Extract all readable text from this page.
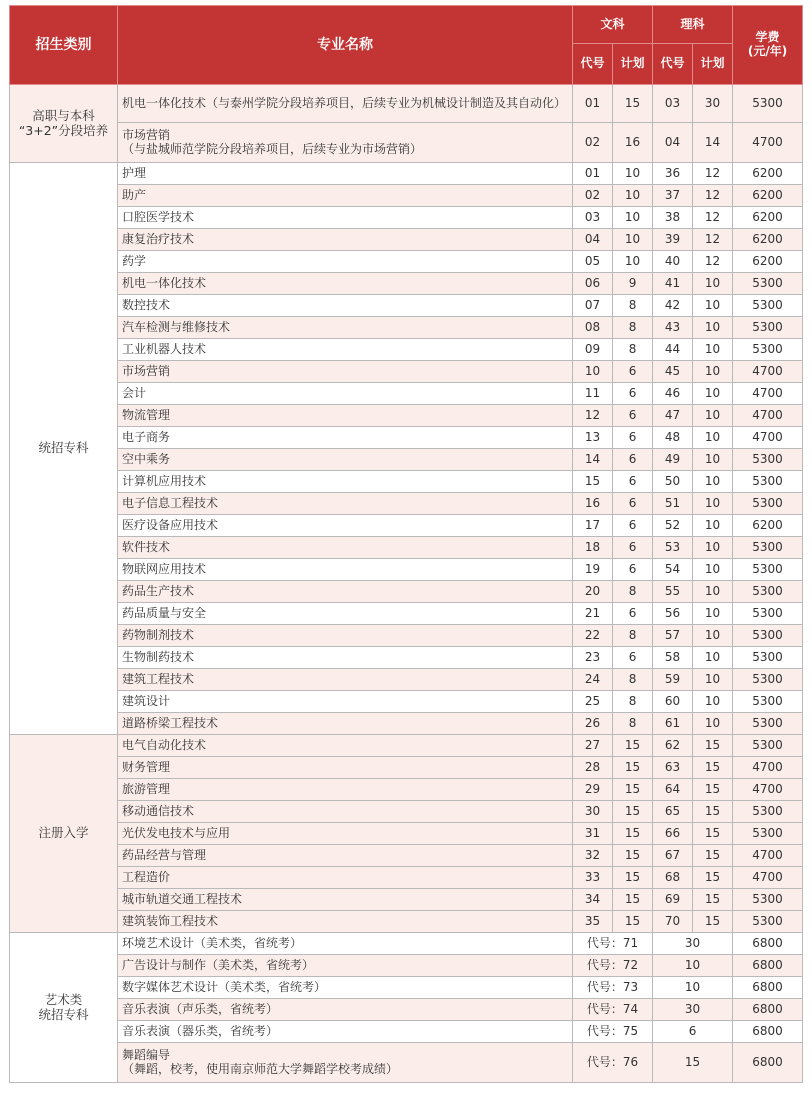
招生类别	专业名称	文科		理科		学费
(元/年)

		代号	计划	代号	计划	

高职与本科
“3+2”分段培养	机电一体化技术（与泰州学院分段培养项目，后续专业为机械设计制造及其自动化）	01	15	03	30	5300

	市场营销
（与盐城师范学院分段培养项目，后续专业为市场营销）	02	16	04	14	4700

统招专科	护理	01	10	36	12	6200

	助产	02	10	37	12	6200

	口腔医学技术	03	10	38	12	6200

	康复治疗技术	04	10	39	12	6200

	药学	05	10	40	12	6200

	机电一体化技术	06	9	41	10	5300

	数控技术	07	8	42	10	5300

	汽车检测与维修技术	08	8	43	10	5300

	工业机器人技术	09	8	44	10	5300

	市场营销	10	6	45	10	4700

	会计	11	6	46	10	4700

	物流管理	12	6	47	10	4700

	电子商务	13	6	48	10	4700

	空中乘务	14	6	49	10	5300

	计算机应用技术	15	6	50	10	5300

	电子信息工程技术	16	6	51	10	5300

	医疗设备应用技术	17	6	52	10	6200

	软件技术	18	6	53	10	5300

	物联网应用技术	19	6	54	10	5300

	药品生产技术	20	8	55	10	5300

	药品质量与安全	21	6	56	10	5300

	药物制剂技术	22	8	57	10	5300

	生物制药技术	23	6	58	10	5300

	建筑工程技术	24	8	59	10	5300

	建筑设计	25	8	60	10	5300

	道路桥梁工程技术	26	8	61	10	5300

注册入学	电气自动化技术	27	15	62	15	5300

	财务管理	28	15	63	15	4700

	旅游管理	29	15	64	15	4700

	移动通信技术	30	15	65	15	5300

	光伏发电技术与应用	31	15	66	15	5300

	药品经营与管理	32	15	67	15	4700

	工程造价	33	15	68	15	4700

	城市轨道交通工程技术	34	15	69	15	5300

	建筑装饰工程技术	35	15	70	15	5300

艺术类
统招专科	环境艺术设计（美术类，省统考）	代号：71		30		6800

	广告设计与制作（美术类，省统考）	代号：72		10		6800

	数字媒体艺术设计（美术类，省统考）	代号：73		10		6800

	音乐表演（声乐类，省统考）	代号：74		30		6800

	音乐表演（器乐类，省统考）	代号：75		6		6800

	舞蹈编导
（舞蹈，校考，使用南京师范大学舞蹈学校考成绩）	代号：76		15		6800
